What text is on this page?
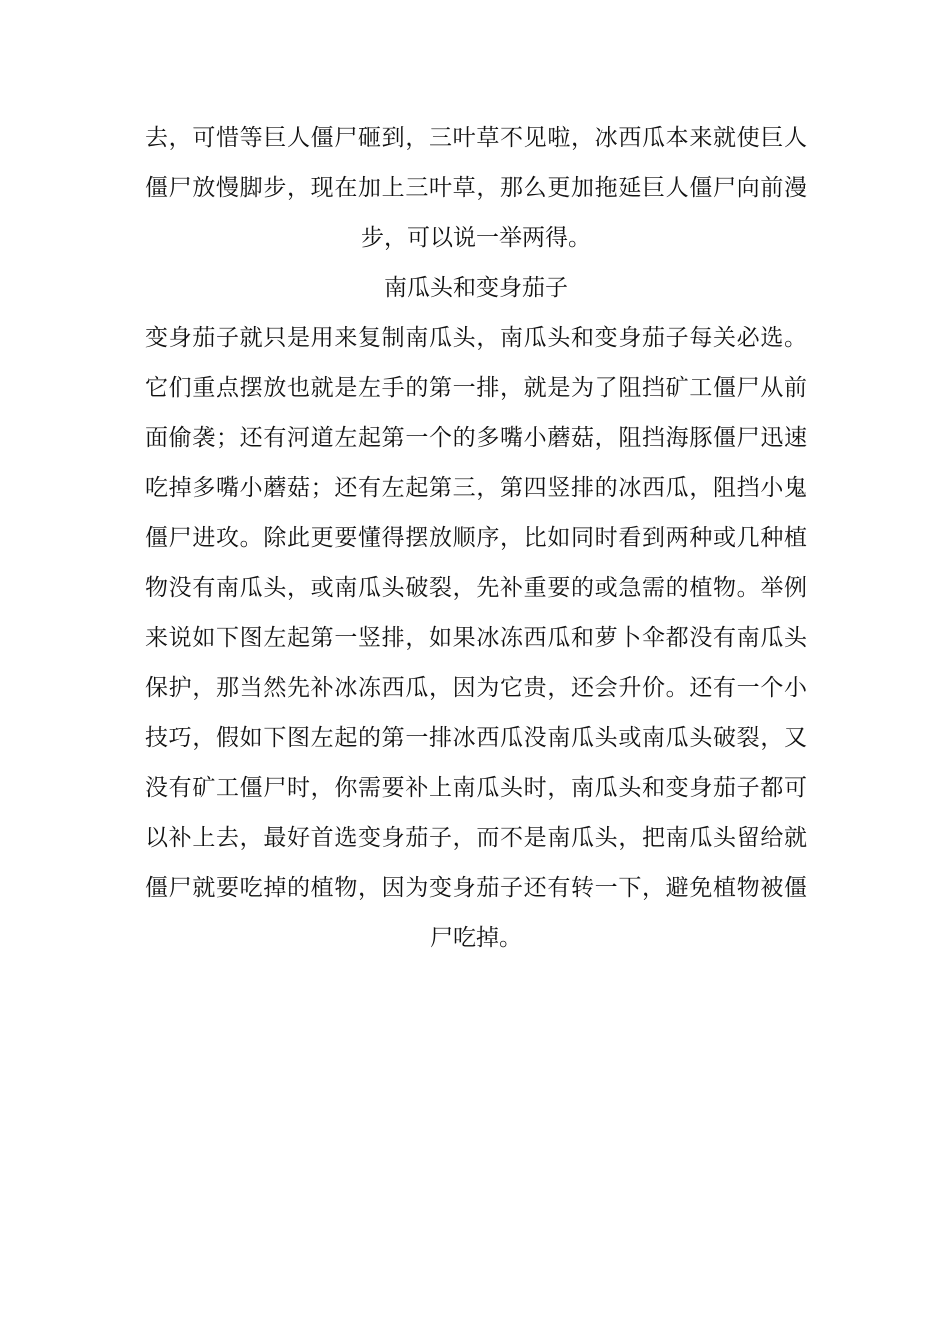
去，可惜等巨人僵尸砸到，三叶草不见啦，冰西瓜本来就使巨人
僵尸放慢脚步，现在加上三叶草，那么更加拖延巨人僵尸向前漫
步，可以说一举两得。
南瓜头和变身茄子
变身茄子就只是用来复制南瓜头，南瓜头和变身茄子每关必选。
它们重点摆放也就是左手的第一排，就是为了阻挡矿工僵尸从前
面偷袭；还有河道左起第一个的多嘴小蘑菇，阻挡海豚僵尸迅速
吃掉多嘴小蘑菇；还有左起第三，第四竖排的冰西瓜，阻挡小鬼
僵尸进攻。除此更要懂得摆放顺序，比如同时看到两种或几种植
物没有南瓜头，或南瓜头破裂，先补重要的或急需的植物。举例
来说如下图左起第一竖排，如果冰冻西瓜和萝卜伞都没有南瓜头
保护，那当然先补冰冻西瓜，因为它贵，还会升价。还有一个小
技巧，假如下图左起的第一排冰西瓜没南瓜头或南瓜头破裂，又
没有矿工僵尸时，你需要补上南瓜头时，南瓜头和变身茄子都可
以补上去，最好首选变身茄子，而不是南瓜头，把南瓜头留给就
僵尸就要吃掉的植物，因为变身茄子还有转一下，避免植物被僵
尸吃掉。
